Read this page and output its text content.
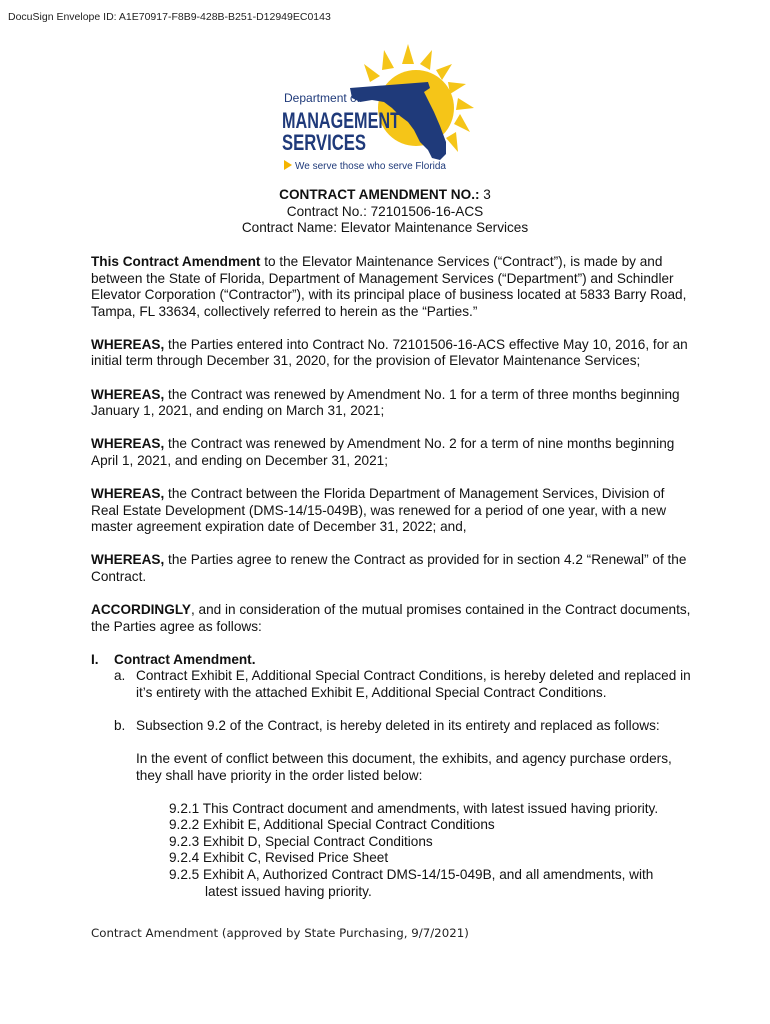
DocuSign Envelope ID: A1E70917-F8B9-428B-B251-D12949EC0143
Department of
MANAGEMENT
SERVICES
We serve those who serve Florida
CONTRACT AMENDMENT NO.: 3
Contract No.: 72101506-16-ACS
Contract Name: Elevator Maintenance Services

This Contract Amendment to the Elevator Maintenance Services (“Contract”), is made by and between the State of Florida, Department of Management Services (“Department”) and Schindler Elevator Corporation (“Contractor”), with its principal place of business located at 5833 Barry Road, Tampa, FL 33634, collectively referred to herein as the “Parties.”

WHEREAS, the Parties entered into Contract No. 72101506-16-ACS effective May 10, 2016, for an initial term through December 31, 2020, for the provision of Elevator Maintenance Services;

WHEREAS, the Contract was renewed by Amendment No. 1 for a term of three months beginning January 1, 2021, and ending on March 31, 2021;

WHEREAS, the Contract was renewed by Amendment No. 2 for a term of nine months beginning April 1, 2021, and ending on December 31, 2021;

WHEREAS, the Contract between the Florida Department of Management Services, Division of Real Estate Development (DMS-14/15-049B), was renewed for a period of one year, with a new master agreement expiration date of December 31, 2022; and,

WHEREAS, the Parties agree to renew the Contract as provided for in section 4.2 “Renewal” of the Contract.

ACCORDINGLY, and in consideration of the mutual promises contained in the Contract documents, the Parties agree as follows:

I.	Contract Amendment.
a. Contract Exhibit E, Additional Special Contract Conditions, is hereby deleted and replaced in it’s entirety with the attached Exhibit E, Additional Special Contract Conditions.
b. Subsection 9.2 of the Contract, is hereby deleted in its entirety and replaced as follows:

In the event of conflict between this document, the exhibits, and agency purchase orders, they shall have priority in the order listed below:

9.2.1 This Contract document and amendments, with latest issued having priority.
9.2.2 Exhibit E, Additional Special Contract Conditions
9.2.3 Exhibit D, Special Contract Conditions
9.2.4 Exhibit C, Revised Price Sheet
9.2.5 Exhibit A, Authorized Contract DMS-14/15-049B, and all amendments, with
latest issued having priority.
Contract Amendment (approved by State Purchasing, 9/7/2021)
